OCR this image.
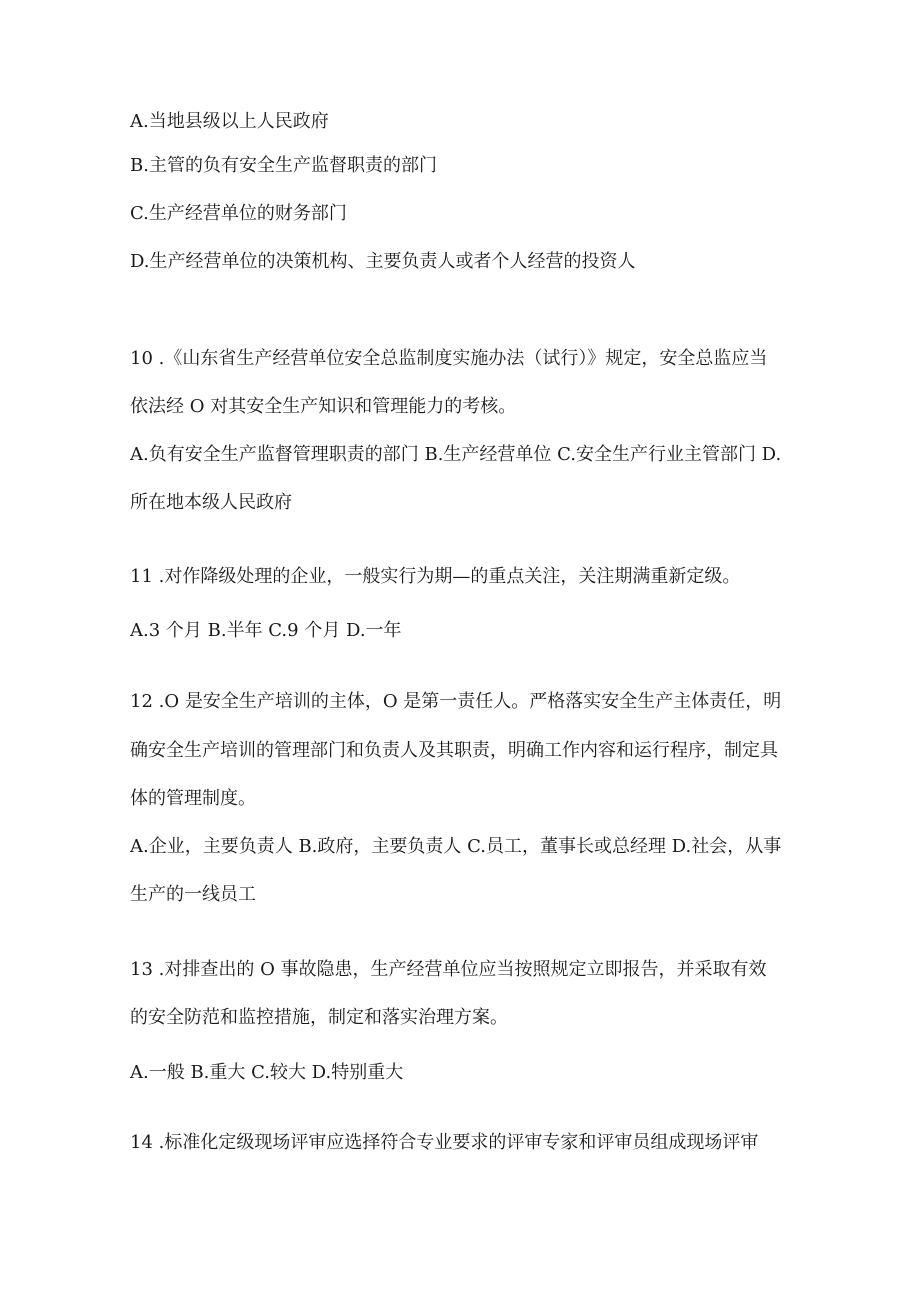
A.当地县级以上人民政府
B.主管的负有安全生产监督职责的部门
C.生产经营单位的财务部门
D.生产经营单位的决策机构、主要负责人或者个人经营的投资人
10 .《山东省生产经营单位安全总监制度实施办法（试行）》规定，安全总监应当
依法经 O 对其安全生产知识和管理能力的考核。
A.负有安全生产监督管理职责的部门 B.生产经营单位 C.安全生产行业主管部门 D.
所在地本级人民政府
11 .对作降级处理的企业，一般实行为期—的重点关注，关注期满重新定级。
A.3 个月 B.半年 C.9 个月 D.一年
12 .O 是安全生产培训的主体，O 是第一责任人。严格落实安全生产主体责任，明
确安全生产培训的管理部门和负责人及其职责，明确工作内容和运行程序，制定具
体的管理制度。
A.企业，主要负责人 B.政府，主要负责人 C.员工，董事长或总经理 D.社会，从事
生产的一线员工
13 .对排查出的 O 事故隐患，生产经营单位应当按照规定立即报告，并采取有效
的安全防范和监控措施，制定和落实治理方案。
A.一般 B.重大 C.较大 D.特别重大
14 .标准化定级现场评审应选择符合专业要求的评审专家和评审员组成现场评审
